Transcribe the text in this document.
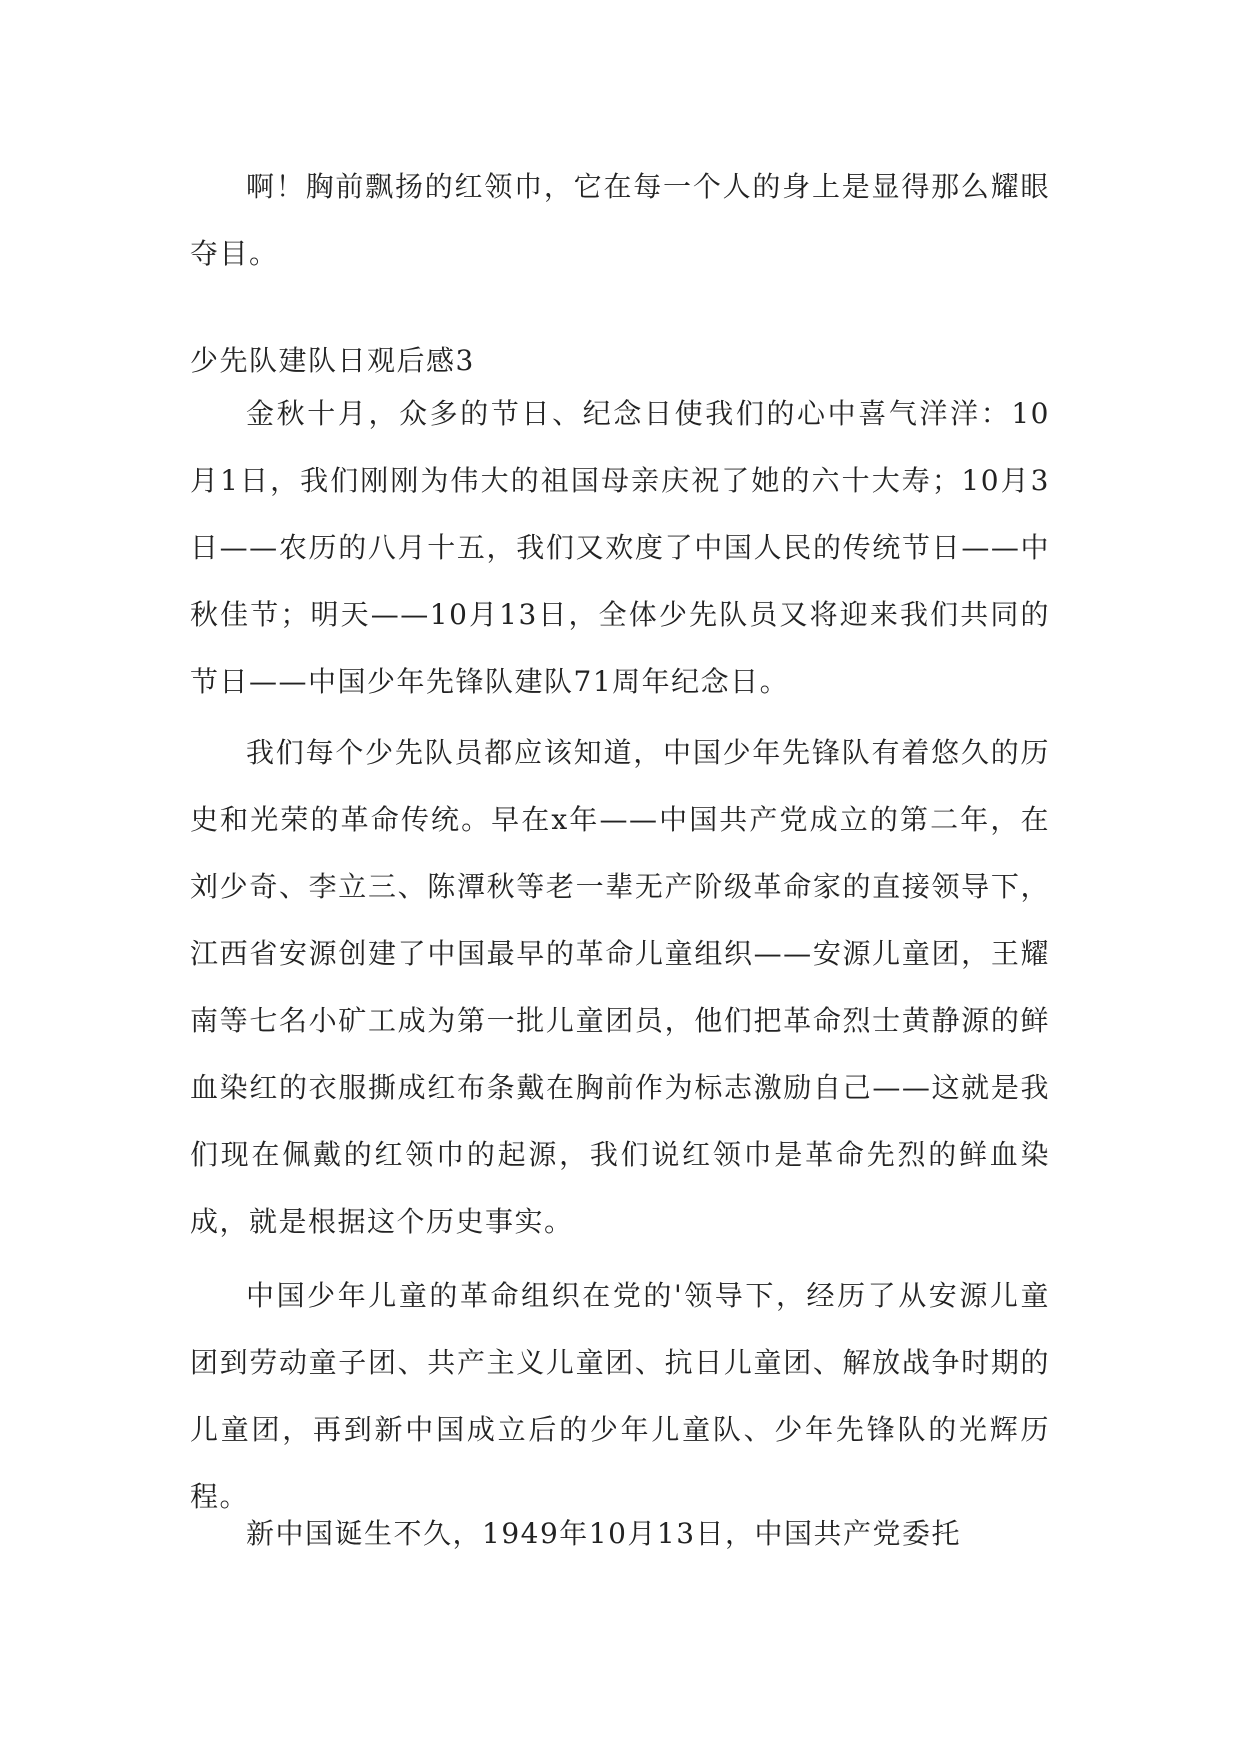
啊！胸前飘扬的红领巾，它在每一个人的身上是显得那么耀眼夺目。

少先队建队日观后感3

金秋十月，众多的节日、纪念日使我们的心中喜气洋洋：10月1日，我们刚刚为伟大的祖国母亲庆祝了她的六十大寿；10月3日——农历的八月十五，我们又欢度了中国人民的传统节日——中秋佳节；明天——10月13日，全体少先队员又将迎来我们共同的节日——中国少年先锋队建队71周年纪念日。

我们每个少先队员都应该知道，中国少年先锋队有着悠久的历史和光荣的革命传统。早在x年——中国共产党成立的第二年，在刘少奇、李立三、陈潭秋等老一辈无产阶级革命家的直接领导下，江西省安源创建了中国最早的革命儿童组织——安源儿童团，王耀南等七名小矿工成为第一批儿童团员，他们把革命烈士黄静源的鲜血染红的衣服撕成红布条戴在胸前作为标志激励自己——这就是我们现在佩戴的红领巾的起源，我们说红领巾是革命先烈的鲜血染成，就是根据这个历史事实。

中国少年儿童的革命组织在党的'领导下，经历了从安源儿童团到劳动童子团、共产主义儿童团、抗日儿童团、解放战争时期的儿童团，再到新中国成立后的少年儿童队、少年先锋队的光辉历程。

新中国诞生不久，1949年10月13日，中国共产党委托
